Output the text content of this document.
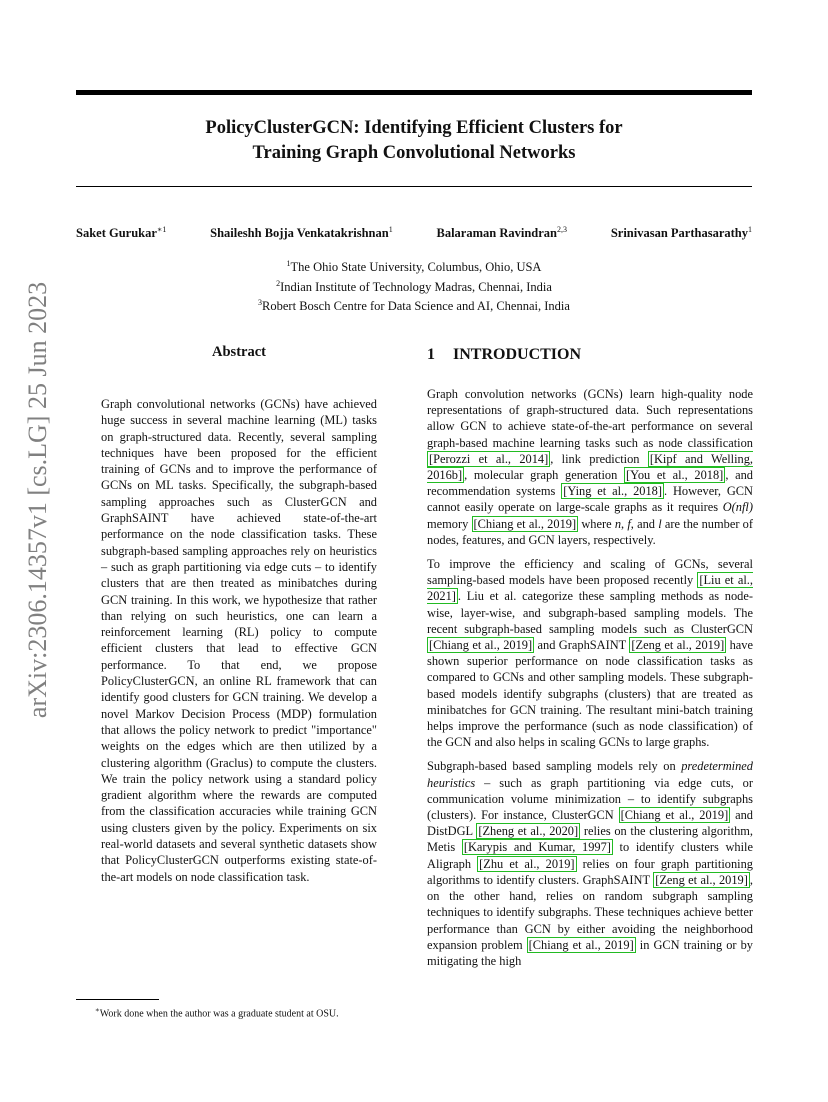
PolicyClusterGCN: Identifying Efficient Clusters for
Training Graph Convolutional Networks
Saket Gurukar$^{∗1}$	Shaileshh Bojja Venkatakrishnan$^1$	Balaraman Ravindran$^{2,3}$	Srinivasan Parthasarathy$^1$
$^1$The Ohio State University, Columbus, Ohio, USA
$^2$Indian Institute of Technology Madras, Chennai, India
$^3$Robert Bosch Centre for Data Science and AI, Chennai, India
arXiv:2306.14357v1 [cs.LG] 25 Jun 2023	Abstract
Graph convolutional networks (GCNs) have achieved huge success in several machine learning (ML) tasks on graph-structured data. Recently, several sampling techniques have been proposed for the efficient training of GCNs and to improve the performance of GCNs on ML tasks. Specifically, the subgraph-based sampling approaches such as ClusterGCN and GraphSAINT have achieved state-of-the-art performance on the node classification tasks. These subgraph-based sampling approaches rely on heuristics – such as graph partitioning via edge cuts – to identify clusters that are then treated as minibatches during GCN training. In this work, we hypothesize that rather than relying on such heuristics, one can learn a reinforcement learning (RL) policy to compute efficient clusters that lead to effective GCN performance. To that end, we propose PolicyClusterGCN, an online RL framework that can identify good clusters for GCN training. We develop a novel Markov Decision Process (MDP) formulation that allows the policy network to predict "importance" weights on the edges which are then utilized by a clustering algorithm (Graclus) to compute the clusters. We train the policy network using a standard policy gradient algorithm where the rewards are computed from the classification accuracies while training GCN using clusters given by the policy. Experiments on six real-world datasets and several synthetic datasets show that PolicyClusterGCN outperforms existing state-of-the-art models on node classification task.
∗Work done when the author was a graduate student at OSU.
1 INTRODUCTION

Graph convolution networks (GCNs) learn high-quality node representations of graph-structured data. Such representations allow GCN to achieve state-of-the-art performance on several graph-based machine learning tasks such as node classification [Perozzi et al., 2014] , link prediction [Kipf and Welling, 2016b] , molecular graph generation [You et al., 2018] , and recommendation systems [Ying et al., 2018] . However, GCN cannot easily operate on large-scale graphs as it requires O(nfl) memory [Chiang et al., 2019] where n, f, and l are the number of nodes, features, and GCN layers, respectively.

To improve the efficiency and scaling of GCNs, several sampling-based models have been proposed recently [Liu et al., 2021] . Liu et al. categorize these sampling methods as node-wise, layer-wise, and subgraph-based sampling models. The recent subgraph-based sampling models such as ClusterGCN [Chiang et al., 2019] and GraphSAINT [Zeng et al., 2019] have shown superior performance on node classification tasks as compared to GCNs and other sampling models. These subgraph-based models identify subgraphs (clusters) that are treated as minibatches for GCN training. The resultant mini-batch training helps improve the performance (such as node classification) of the GCN and also helps in scaling GCNs to large graphs.

Subgraph-based based sampling models rely on predetermined heuristics – such as graph partitioning via edge cuts, or communication volume minimization – to identify subgraphs (clusters). For instance, ClusterGCN [Chiang et al., 2019] and DistDGL [Zheng et al., 2020] relies on the clustering algorithm, Metis [Karypis and Kumar, 1997] to identify clusters while Aligraph [Zhu et al., 2019] relies on four graph partitioning algorithms to identify clusters. GraphSAINT [Zeng et al., 2019] , on the other hand, relies on random subgraph sampling techniques to identify subgraphs. These techniques achieve better performance than GCN by either avoiding the neighborhood expansion problem [Chiang et al., 2019] in GCN training or by mitigating the high
